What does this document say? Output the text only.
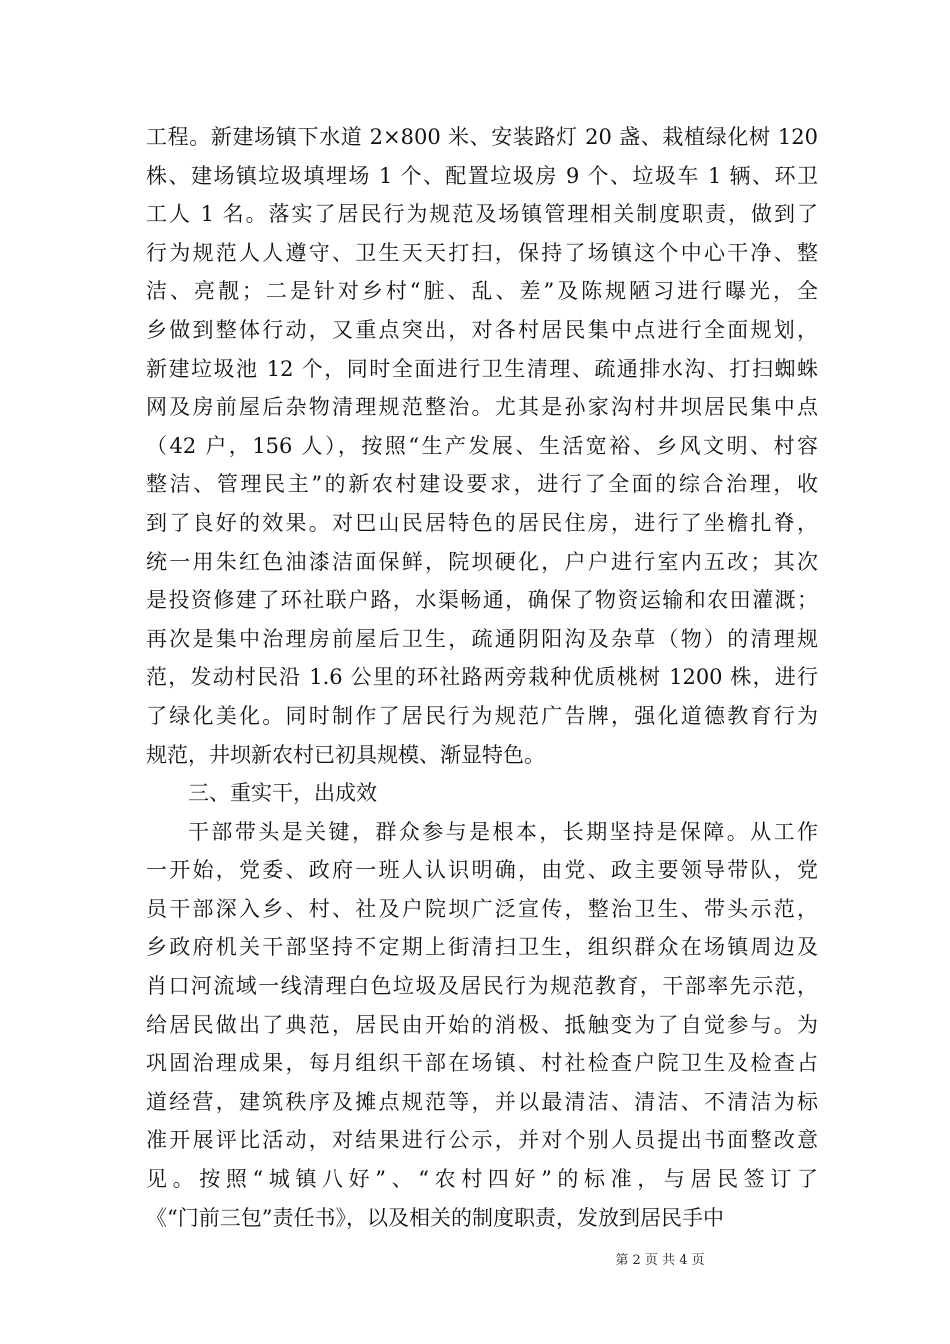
工程。新建场镇下水道 2×800 米、安装路灯 20 盏、栽植绿化树 120
株、建场镇垃圾填埋场 1 个、配置垃圾房 9 个、垃圾车 1 辆、环卫
工人 1 名。落实了居民行为规范及场镇管理相关制度职责，做到了
行为规范人人遵守、卫生天天打扫，保持了场镇这个中心干净、整
洁、亮靓；二是针对乡村“脏、乱、差”及陈规陋习进行曝光，全
乡做到整体行动，又重点突出，对各村居民集中点进行全面规划，
新建垃圾池 12 个，同时全面进行卫生清理、疏通排水沟、打扫蜘蛛
网及房前屋后杂物清理规范整治。尤其是孙家沟村井坝居民集中点
（42 户，156 人），按照“生产发展、生活宽裕、乡风文明、村容
整洁、管理民主”的新农村建设要求，进行了全面的综合治理，收
到了良好的效果。对巴山民居特色的居民住房，进行了坐檐扎脊，
统一用朱红色油漆洁面保鲜，院坝硬化，户户进行室内五改；其次
是投资修建了环社联户路，水渠畅通，确保了物资运输和农田灌溉；
再次是集中治理房前屋后卫生，疏通阴阳沟及杂草（物）的清理规
范，发动村民沿 1.6 公里的环社路两旁栽种优质桃树 1200 株，进行
了绿化美化。同时制作了居民行为规范广告牌，强化道德教育行为
规范，井坝新农村已初具规模、渐显特色。
三、重实干，出成效
干部带头是关键，群众参与是根本，长期坚持是保障。从工作
一开始，党委、政府一班人认识明确，由党、政主要领导带队，党
员干部深入乡、村、社及户院坝广泛宣传，整治卫生、带头示范，
乡政府机关干部坚持不定期上街清扫卫生，组织群众在场镇周边及
肖口河流域一线清理白色垃圾及居民行为规范教育，干部率先示范，
给居民做出了典范，居民由开始的消极、抵触变为了自觉参与。为
巩固治理成果，每月组织干部在场镇、村社检查户院卫生及检查占
道经营，建筑秩序及摊点规范等，并以最清洁、清洁、不清洁为标
准开展评比活动，对结果进行公示，并对个别人员提出书面整改意
见。按照“城镇八好”、“农村四好”的标准，与居民签订了
《“门前三包”责任书》，以及相关的制度职责，发放到居民手中
第 2 页 共 4 页
